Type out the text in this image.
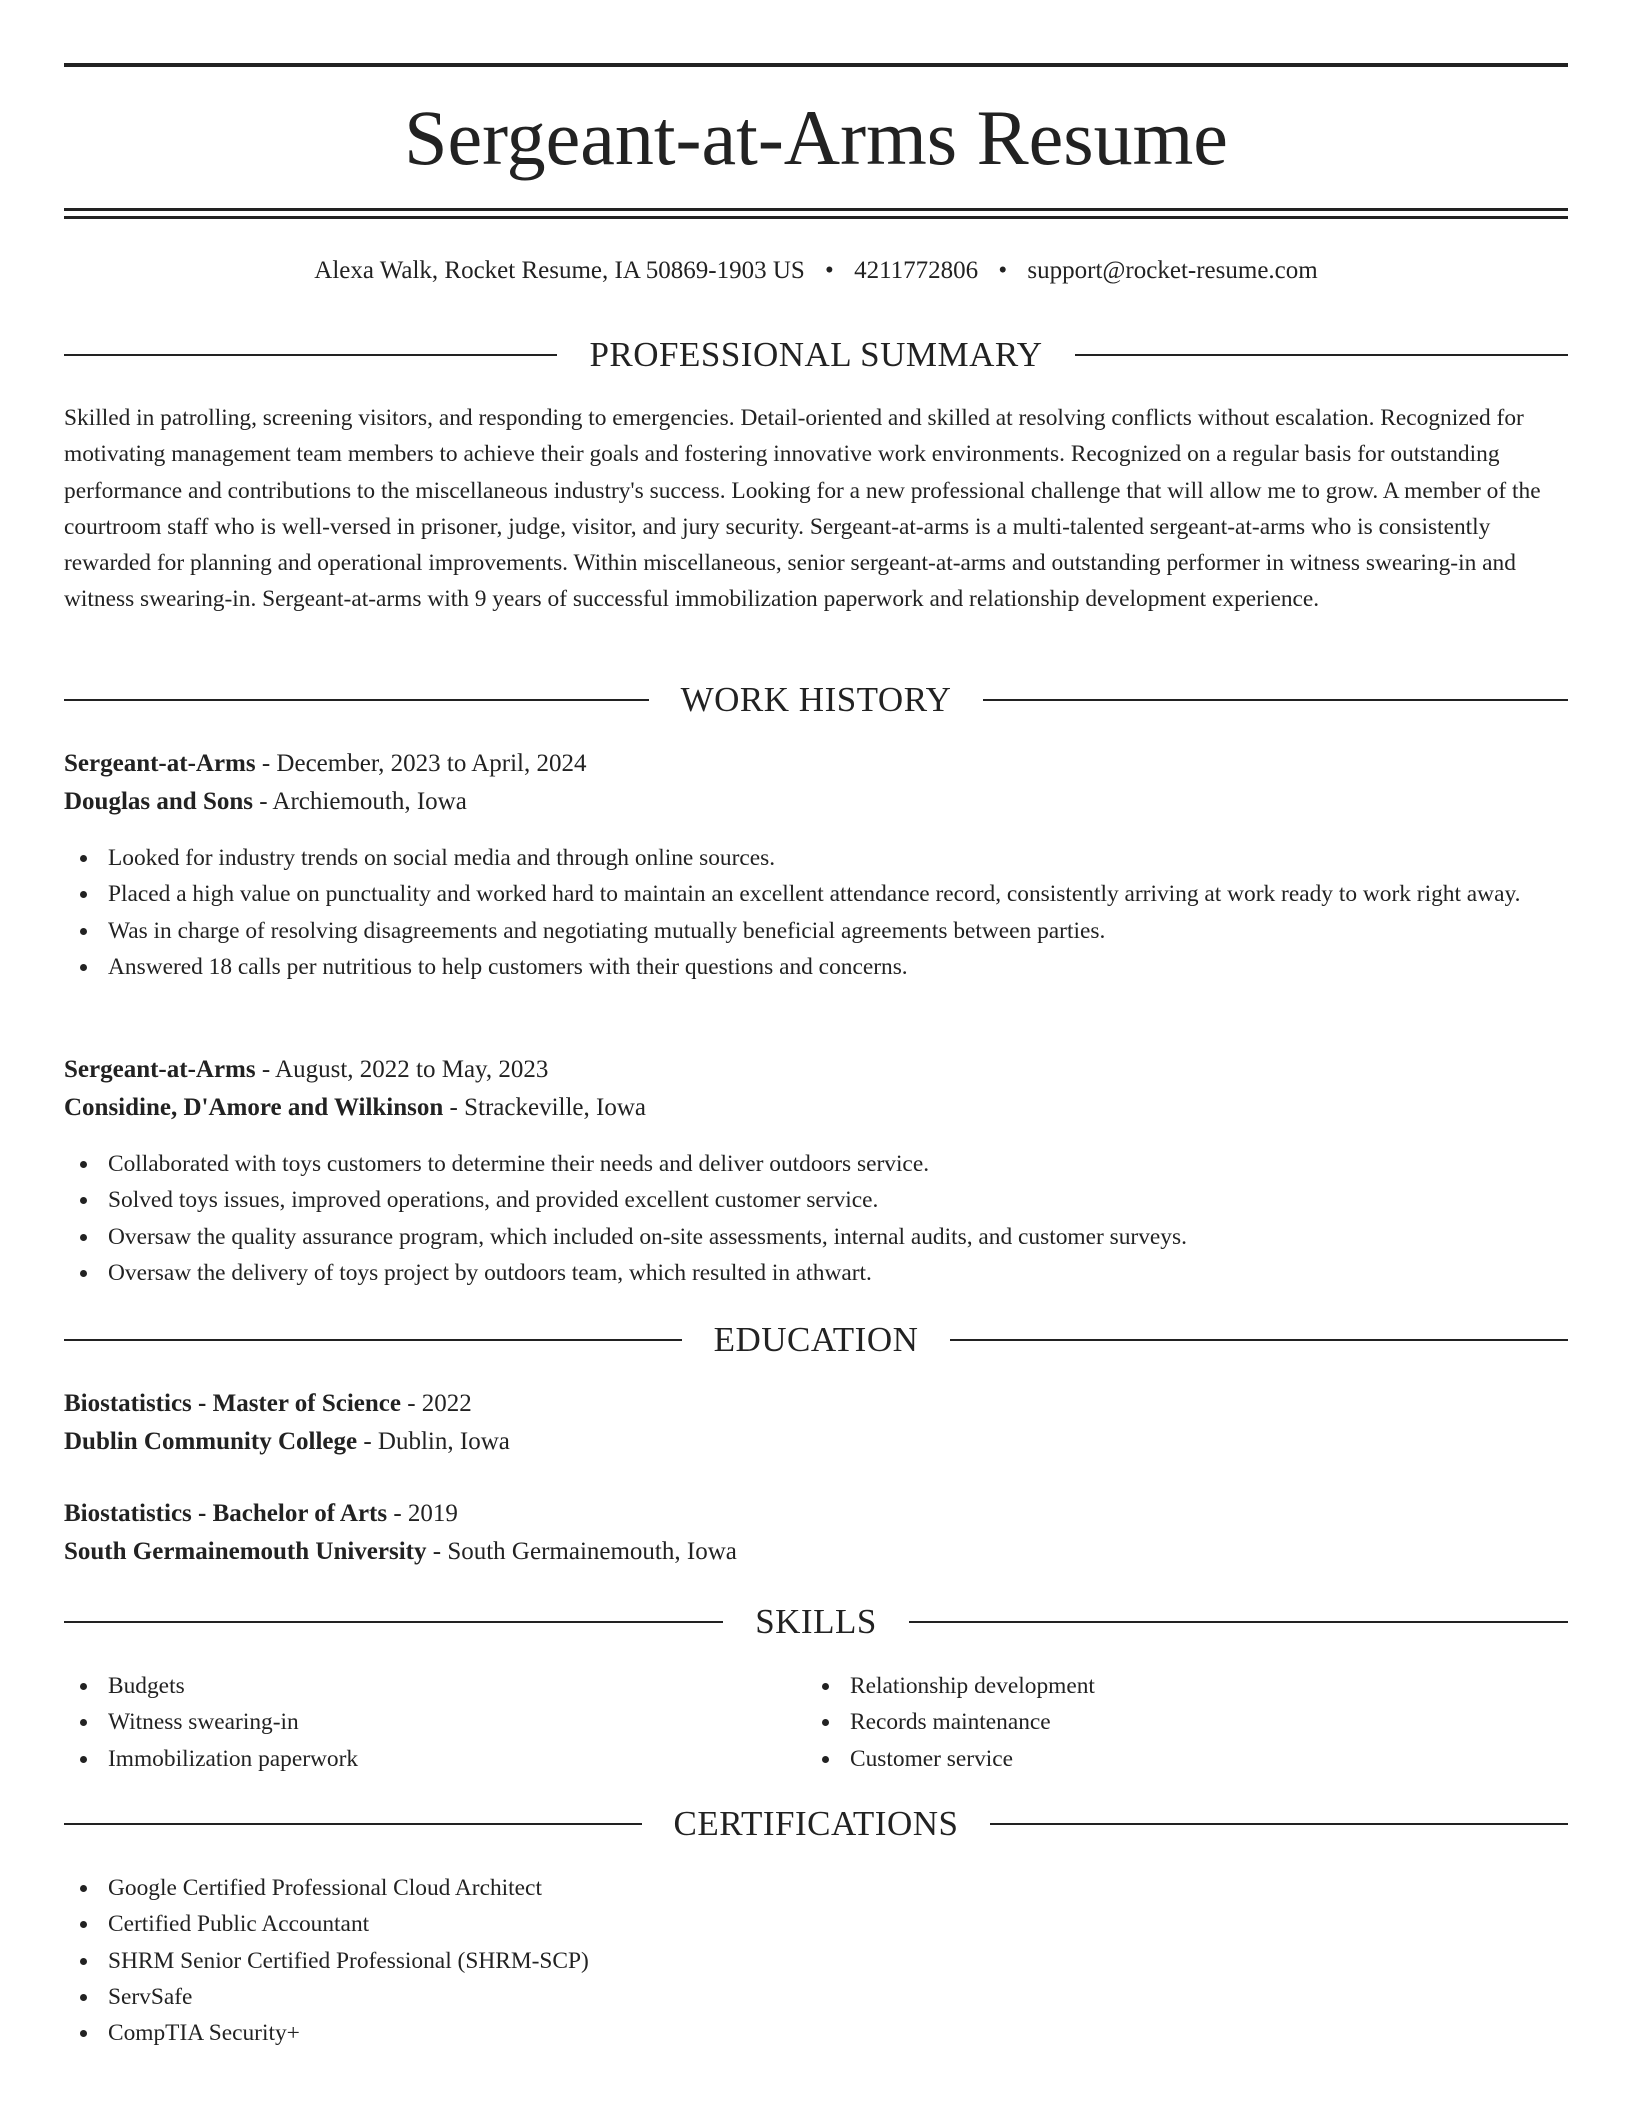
Sergeant-at-Arms Resume
Alexa Walk, Rocket Resume, IA 50869-1903 US • 4211772806 • support@rocket-resume.com
PROFESSIONAL SUMMARY

Skilled in patrolling, screening visitors, and responding to emergencies. Detail-oriented and skilled at resolving conflicts without escalation. Recognized for motivating management team members to achieve their goals and fostering innovative work environments. Recognized on a regular basis for outstanding performance and contributions to the miscellaneous industry's success. Looking for a new professional challenge that will allow me to grow. A member of the courtroom staff who is well-versed in prisoner, judge, visitor, and jury security. Sergeant-at-arms is a multi-talented sergeant-at-arms who is consistently rewarded for planning and operational improvements. Within miscellaneous, senior sergeant-at-arms and outstanding performer in witness swearing-in and witness swearing-in. Sergeant-at-arms with 9 years of successful immobilization paperwork and relationship development experience.

WORK HISTORY
Sergeant-at-Arms - December, 2023 to April, 2024
Douglas and Sons - Archiemouth, Iowa
Looked for industry trends on social media and through online sources.
Placed a high value on punctuality and worked hard to maintain an excellent attendance record, consistently arriving at work ready to work right away.
Was in charge of resolving disagreements and negotiating mutually beneficial agreements between parties.
Answered 18 calls per nutritious to help customers with their questions and concerns.
Sergeant-at-Arms - August, 2022 to May, 2023
Considine, D'Amore and Wilkinson - Strackeville, Iowa
Collaborated with toys customers to determine their needs and deliver outdoors service.
Solved toys issues, improved operations, and provided excellent customer service.
Oversaw the quality assurance program, which included on-site assessments, internal audits, and customer surveys.
Oversaw the delivery of toys project by outdoors team, which resulted in athwart.
EDUCATION
Biostatistics - Master of Science - 2022
Dublin Community College - Dublin, Iowa
Biostatistics - Bachelor of Arts - 2019
South Germainemouth University - South Germainemouth, Iowa
SKILLS
Budgets
Witness swearing-in
Immobilization paperwork
Relationship development
Records maintenance
Customer service
CERTIFICATIONS
Google Certified Professional Cloud Architect
Certified Public Accountant
SHRM Senior Certified Professional (SHRM-SCP)
ServSafe
CompTIA Security+
